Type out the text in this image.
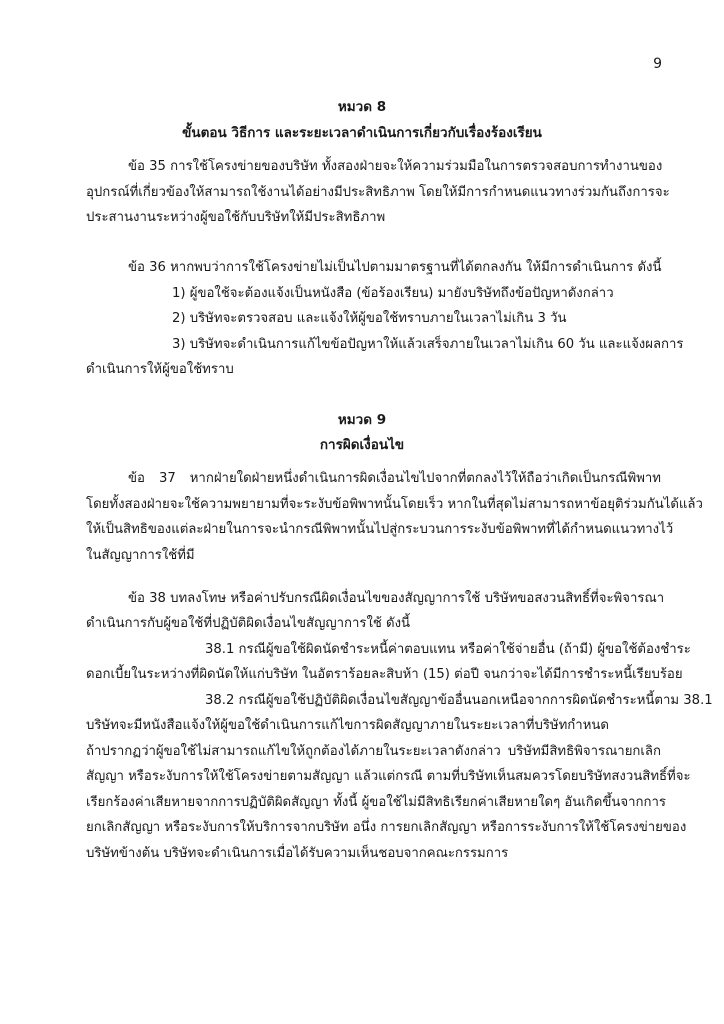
9
หมวด 8
ขั้นตอน วิธีการ และระยะเวลาดำเนินการเกี่ยวกับเรื่องร้องเรียน
ข้อ 35 การใช้โครงข่ายของบริษัท ทั้งสองฝ่ายจะให้ความร่วมมือในการตรวจสอบการทำงานของ
อุปกรณ์ที่เกี่ยวข้องให้สามารถใช้งานได้อย่างมีประสิทธิภาพ โดยให้มีการกำหนดแนวทางร่วมกันถึงการจะ
ประสานงานระหว่างผู้ขอใช้กับบริษัทให้มีประสิทธิภาพ
ข้อ 36 หากพบว่าการใช้โครงข่ายไม่เป็นไปตามมาตรฐานที่ได้ตกลงกัน ให้มีการดำเนินการ ดังนี้
1) ผู้ขอใช้จะต้องแจ้งเป็นหนังสือ (ข้อร้องเรียน) มายังบริษัทถึงข้อปัญหาดังกล่าว
2) บริษัทจะตรวจสอบ และแจ้งให้ผู้ขอใช้ทราบภายในเวลาไม่เกิน 3 วัน
3) บริษัทจะดำเนินการแก้ไขข้อปัญหาให้แล้วเสร็จภายในเวลาไม่เกิน 60 วัน และแจ้งผลการ
ดำเนินการให้ผู้ขอใช้ทราบ
หมวด 9
การผิดเงื่อนไข
ข้อ 37 หากฝ่ายใดฝ่ายหนึ่งดำเนินการผิดเงื่อนไขไปจากที่ตกลงไว้ให้ถือว่าเกิดเป็นกรณีพิพาท
โดยทั้งสองฝ่ายจะใช้ความพยายามที่จะระงับข้อพิพาทนั้นโดยเร็ว หากในที่สุดไม่สามารถหาข้อยุติร่วมกันได้แล้ว
ให้เป็นสิทธิของแต่ละฝ่ายในการจะนำกรณีพิพาทนั้นไปสู่กระบวนการระงับข้อพิพาทที่ได้กำหนดแนวทางไว้
ในสัญญาการใช้ที่มี
ข้อ 38 บทลงโทษ หรือค่าปรับกรณีผิดเงื่อนไขของสัญญาการใช้ บริษัทขอสงวนสิทธิ์ที่จะพิจารณา
ดำเนินการกับผู้ขอใช้ที่ปฏิบัติผิดเงื่อนไขสัญญาการใช้ ดังนี้
38.1 กรณีผู้ขอใช้ผิดนัดชำระหนี้ค่าตอบแทน หรือค่าใช้จ่ายอื่น (ถ้ามี) ผู้ขอใช้ต้องชำระ
ดอกเบี้ยในระหว่างที่ผิดนัดให้แก่บริษัท ในอัตราร้อยละสิบห้า (15) ต่อปี จนกว่าจะได้มีการชำระหนี้เรียบร้อย
38.2 กรณีผู้ขอใช้ปฏิบัติผิดเงื่อนไขสัญญาข้ออื่นนอกเหนือจากการผิดนัดชำระหนี้ตาม 38.1
บริษัทจะมีหนังสือแจ้งให้ผู้ขอใช้ดำเนินการแก้ไขการผิดสัญญาภายในระยะเวลาที่บริษัทกำหนด
ถ้าปรากฏว่าผู้ขอใช้ไม่สามารถแก้ไขให้ถูกต้องได้ภายในระยะเวลาดังกล่าว บริษัทมีสิทธิพิจารณายกเลิก
สัญญา หรือระงับการให้ใช้โครงข่ายตามสัญญา แล้วแต่กรณี ตามที่บริษัทเห็นสมควรโดยบริษัทสงวนสิทธิ์ที่จะ
เรียกร้องค่าเสียหายจากการปฏิบัติผิดสัญญา ทั้งนี้ ผู้ขอใช้ไม่มีสิทธิเรียกค่าเสียหายใดๆ อันเกิดขึ้นจากการ
ยกเลิกสัญญา หรือระงับการให้บริการจากบริษัท อนึ่ง การยกเลิกสัญญา หรือการระงับการให้ใช้โครงข่ายของ
บริษัทข้างต้น บริษัทจะดำเนินการเมื่อได้รับความเห็นชอบจากคณะกรรมการ
